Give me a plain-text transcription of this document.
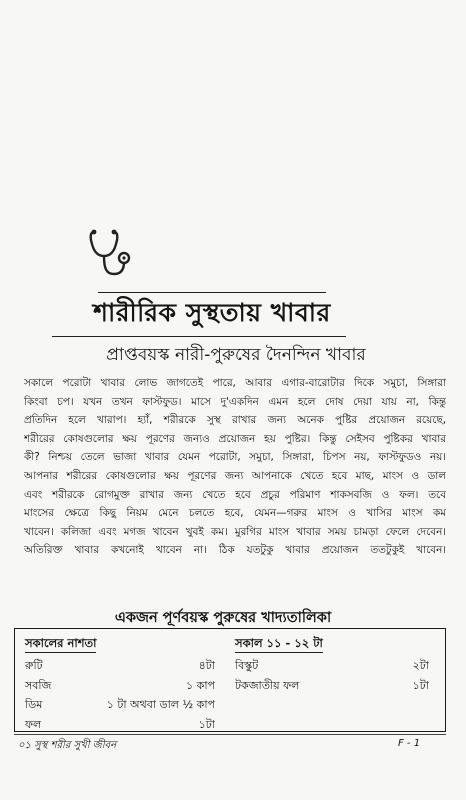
শারীরিক সুস্থতায় খাবার
প্রাপ্তবয়স্ক নারী-পুরুষের দৈনন্দিন খাবার
সকালে পরোটা খাবার লোভ জাগতেই পারে, আবার এগার-বারোটার দিকে সমুচা, সিঙ্গারা
কিংবা চপ। যখন তখন ফাস্টফুড। মাসে দু'একদিন এমন হলে দোষ দেয়া যায় না, কিন্তু
প্রতিদিন হলে খারাপ। হ্যাঁ, শরীরকে সুস্থ রাখার জন্য অনেক পুষ্টির প্রয়োজন রয়েছে,
শরীরের কোষগুলোর ক্ষয় পূরণের জন্যও প্রয়োজন হয় পুষ্টির। কিন্তু সেইসব পুষ্টিকর খাবার
কী? নিশ্চয় তেলে ভাজা খাবার যেমন পরোটা, সমুচা, সিঙ্গারা, চিপস নয়, ফাস্টফুডও নয়।
আপনার শরীরের কোষগুলোর ক্ষয় পূরণের জন্য আপনাকে খেতে হবে মাছ, মাংস ও ডাল
এবং শরীরকে রোগমুক্ত রাখার জন্য খেতে হবে প্রচুর পরিমাণ শাকসবজি ও ফল। তবে
মাংসের ক্ষেত্রে কিছু নিয়ম মেনে চলতে হবে, যেমন—গরুর মাংস ও খাসির মাংস কম
খাবেন। কলিজা এবং মগজ খাবেন খুবই কম। মুরগির মাংস খাবার সময় চামড়া ফেলে দেবেন।
অতিরিক্ত খাবার কখনোই খাবেন না। ঠিক যতটুকু খাবার প্রয়োজন ততটুকুই খাবেন।
একজন পূর্ণবয়স্ক পুরুষের খাদ্যতালিকা
সকালের নাশতা
রুটি	৪টা
সবজি	১ কাপ
ডিম	১ টা অথবা ডাল ½ কাপ
ফল	১টা
সকাল ১১ - ১২ টা
বিস্কুট	২টা
টকজাতীয় ফল	১টা
০১ সুস্থ শরীর সুখী জীবন	F - 1
